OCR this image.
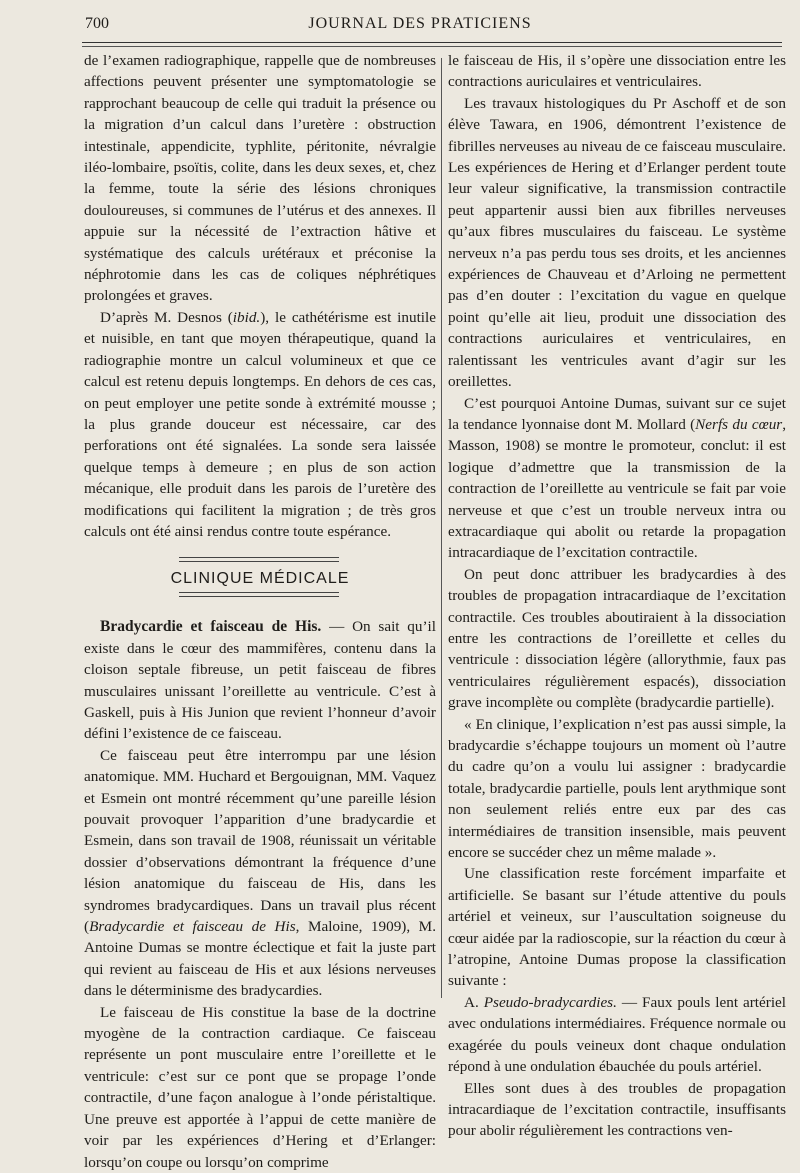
700	JOURNAL DES PRATICIENS

de l’examen radiographique, rappelle que de nombreuses affections peuvent présenter une symptomatologie se rapprochant beaucoup de celle qui traduit la présence ou la migration d’un calcul dans l’uretère : obstruction intestinale, appendicite, typhlite, péritonite, névralgie iléo-lombaire, psoïtis, colite, dans les deux sexes, et, chez la femme, toute la série des lésions chroniques douloureuses, si communes de l’utérus et des annexes. Il appuie sur la nécessité de l’extraction hâtive et systématique des calculs urétéraux et préconise la néphrotomie dans les cas de coliques néphrétiques prolongées et graves.

D’après M. Desnos (ibid.), le cathétérisme est inutile et nuisible, en tant que moyen thérapeutique, quand la radiographie montre un calcul volumineux et que ce calcul est retenu depuis longtemps. En dehors de ces cas, on peut employer une petite sonde à extrémité mousse ; la plus grande douceur est nécessaire, car des perforations ont été signalées. La sonde sera laissée quelque temps à demeure ; en plus de son action mécanique, elle produit dans les parois de l’uretère des modifications qui facilitent la migration ; de très gros calculs ont été ainsi rendus contre toute espérance.

CLINIQUE MÉDICALE

Bradycardie et faisceau de His. — On sait qu’il existe dans le cœur des mammifères, contenu dans la cloison septale fibreuse, un petit faisceau de fibres musculaires unissant l’oreillette au ventricule. C’est à Gaskell, puis à His Junion que revient l’honneur d’avoir défini l’existence de ce faisceau.

Ce faisceau peut être interrompu par une lésion anatomique. MM. Huchard et Bergouignan, MM. Vaquez et Esmein ont montré récemment qu’une pareille lésion pouvait provoquer l’apparition d’une bradycardie et Esmein, dans son travail de 1908, réunissait un véritable dossier d’observations démontrant la fréquence d’une lésion anatomique du faisceau de His, dans les syndromes bradycardiques. Dans un travail plus récent (Bradycardie et faisceau de His, Maloine, 1909), M. Antoine Dumas se montre éclectique et fait la juste part qui revient au faisceau de His et aux lésions nerveuses dans le déterminisme des bradycardies.

Le faisceau de His constitue la base de la doctrine myogène de la contraction cardiaque. Ce faisceau représente un pont musculaire entre l’oreillette et le ventricule: c’est sur ce pont que se propage l’onde contractile, d’une façon analogue à l’onde péristaltique. Une preuve est apportée à l’appui de cette manière de voir par les expériences d’Hering et d’Erlanger: lorsqu’on coupe ou lorsqu’on comprime

le faisceau de His, il s’opère une dissociation entre les contractions auriculaires et ventriculaires.

Les travaux histologiques du Pr Aschoff et de son élève Tawara, en 1906, démontrent l’existence de fibrilles nerveuses au niveau de ce faisceau musculaire. Les expériences de Hering et d’Erlanger perdent toute leur valeur significative, la transmission contractile peut appartenir aussi bien aux fibrilles nerveuses qu’aux fibres musculaires du faisceau. Le système nerveux n’a pas perdu tous ses droits, et les anciennes expériences de Chauveau et d’Arloing ne permettent pas d’en douter : l’excitation du vague en quelque point qu’elle ait lieu, produit une dissociation des contractions auriculaires et ventriculaires, en ralentissant les ventricules avant d’agir sur les oreillettes.

C’est pourquoi Antoine Dumas, suivant sur ce sujet la tendance lyonnaise dont M. Mollard (Nerfs du cœur, Masson, 1908) se montre le promoteur, conclut: il est logique d’admettre que la transmission de la contraction de l’oreillette au ventricule se fait par voie nerveuse et que c’est un trouble nerveux intra ou extracardiaque qui abolit ou retarde la propagation intracardiaque de l’excitation contractile.

On peut donc attribuer les bradycardies à des troubles de propagation intracardiaque de l’excitation contractile. Ces troubles aboutiraient à la dissociation entre les contractions de l’oreillette et celles du ventricule : dissociation légère (allorythmie, faux pas ventriculaires régulièrement espacés), dissociation grave incomplète ou complète (bradycardie partielle).

« En clinique, l’explication n’est pas aussi simple, la bradycardie s’échappe toujours un moment où l’autre du cadre qu’on a voulu lui assigner : bradycardie totale, bradycardie partielle, pouls lent arythmique sont non seulement reliés entre eux par des cas intermédiaires de transition insensible, mais peuvent encore se succéder chez un même malade ».

Une classification reste forcément imparfaite et artificielle. Se basant sur l’étude attentive du pouls artériel et veineux, sur l’auscultation soigneuse du cœur aidée par la radioscopie, sur la réaction du cœur à l’atropine, Antoine Dumas propose la classification suivante :

A. Pseudo-bradycardies. — Faux pouls lent artériel avec ondulations intermédiaires. Fréquence normale ou exagérée du pouls veineux dont chaque ondulation répond à une ondulation ébauchée du pouls artériel.

Elles sont dues à des troubles de propagation intracardiaque de l’excitation contractile, insuffisants pour abolir régulièrement les contractions ven-
